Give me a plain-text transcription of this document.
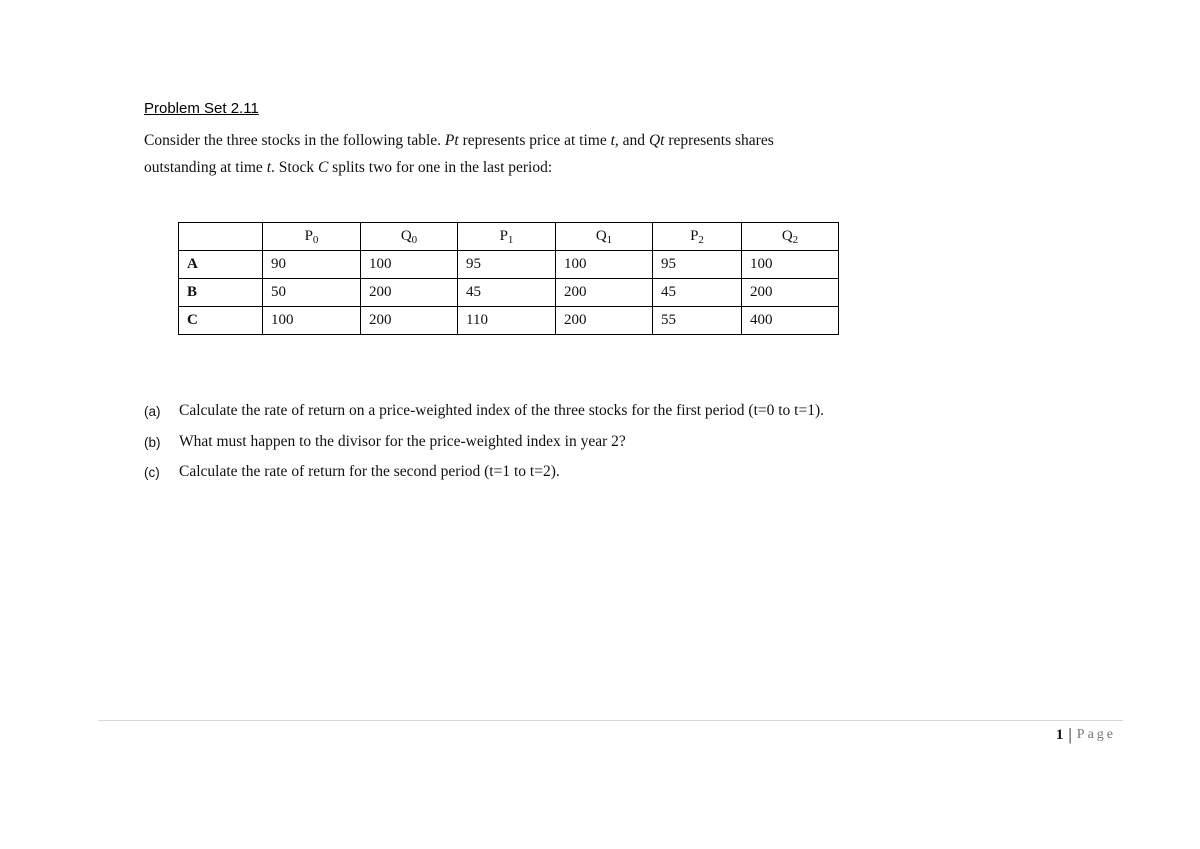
Problem Set 2.11

Consider the three stocks in the following table. Pt represents price at time t, and Qt represents shares outstanding at time t. Stock C splits two for one in the last period:

	$P_0$	$Q_0$	$P_1$	$Q_1$	$P_2$	$Q_2$
A	90	100	95	100	95	100
B	50	200	45	200	45	200
C	100	200	110	200	55	400
(a)	Calculate the rate of return on a price-weighted index of the three stocks for the first period (t=0 to t=1).
(b)	What must happen to the divisor for the price-weighted index in year 2?
(c)	Calculate the rate of return for the second period (t=1 to t=2).
1 | Page
